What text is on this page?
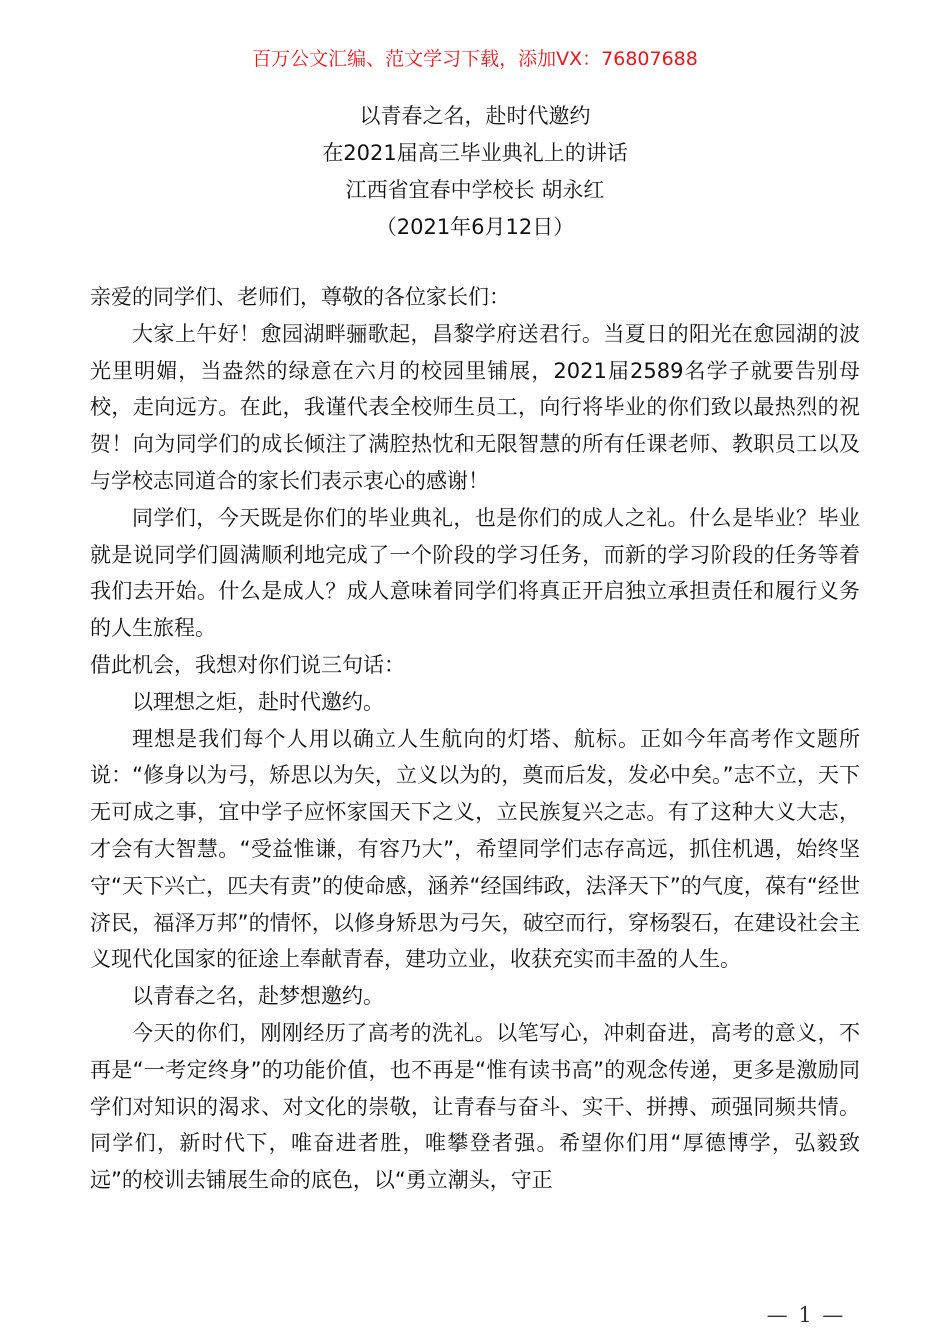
百万公文汇编、范文学习下载，添加VX：76807688
以青春之名，赴时代邀约
在2021届高三毕业典礼上的讲话
江西省宜春中学校长 胡永红
（2021年6月12日）

亲爱的同学们、老师们，尊敬的各位家长们：

大家上午好！愈园湖畔骊歌起，昌黎学府送君行。当夏日的阳光在愈园湖的波光里明媚，当盎然的绿意在六月的校园里铺展，2021届2589名学子就要告别母校，走向远方。在此，我谨代表全校师生员工，向行将毕业的你们致以最热烈的祝贺！向为同学们的成长倾注了满腔热忱和无限智慧的所有任课老师、教职员工以及与学校志同道合的家长们表示衷心的感谢！

同学们，今天既是你们的毕业典礼，也是你们的成人之礼。什么是毕业？毕业就是说同学们圆满顺利地完成了一个阶段的学习任务，而新的学习阶段的任务等着我们去开始。什么是成人？成人意味着同学们将真正开启独立承担责任和履行义务的人生旅程。

借此机会，我想对你们说三句话：

以理想之炬，赴时代邀约。

理想是我们每个人用以确立人生航向的灯塔、航标。正如今年高考作文题所说：“修身以为弓，矫思以为矢，立义以为的，奠而后发，发必中矣。”志不立，天下无可成之事，宜中学子应怀家国天下之义，立民族复兴之志。有了这种大义大志，才会有大智慧。“受益惟谦，有容乃大”，希望同学们志存高远，抓住机遇，始终坚守“天下兴亡，匹夫有责”的使命感，涵养“经国纬政，法泽天下”的气度，葆有“经世济民，福泽万邦”的情怀，以修身矫思为弓矢，破空而行，穿杨裂石，在建设社会主义现代化国家的征途上奉献青春，建功立业，收获充实而丰盈的人生。

以青春之名，赴梦想邀约。

今天的你们，刚刚经历了高考的洗礼。以笔写心，冲刺奋进，高考的意义，不再是“一考定终身”的功能价值，也不再是“惟有读书高”的观念传递，更多是激励同学们对知识的渴求、对文化的崇敬，让青春与奋斗、实干、拼搏、顽强同频共情。同学们，新时代下，唯奋进者胜，唯攀登者强。希望你们用“厚德博学，弘毅致远”的校训去铺展生命的底色，以“勇立潮头，守正

— 1 —
